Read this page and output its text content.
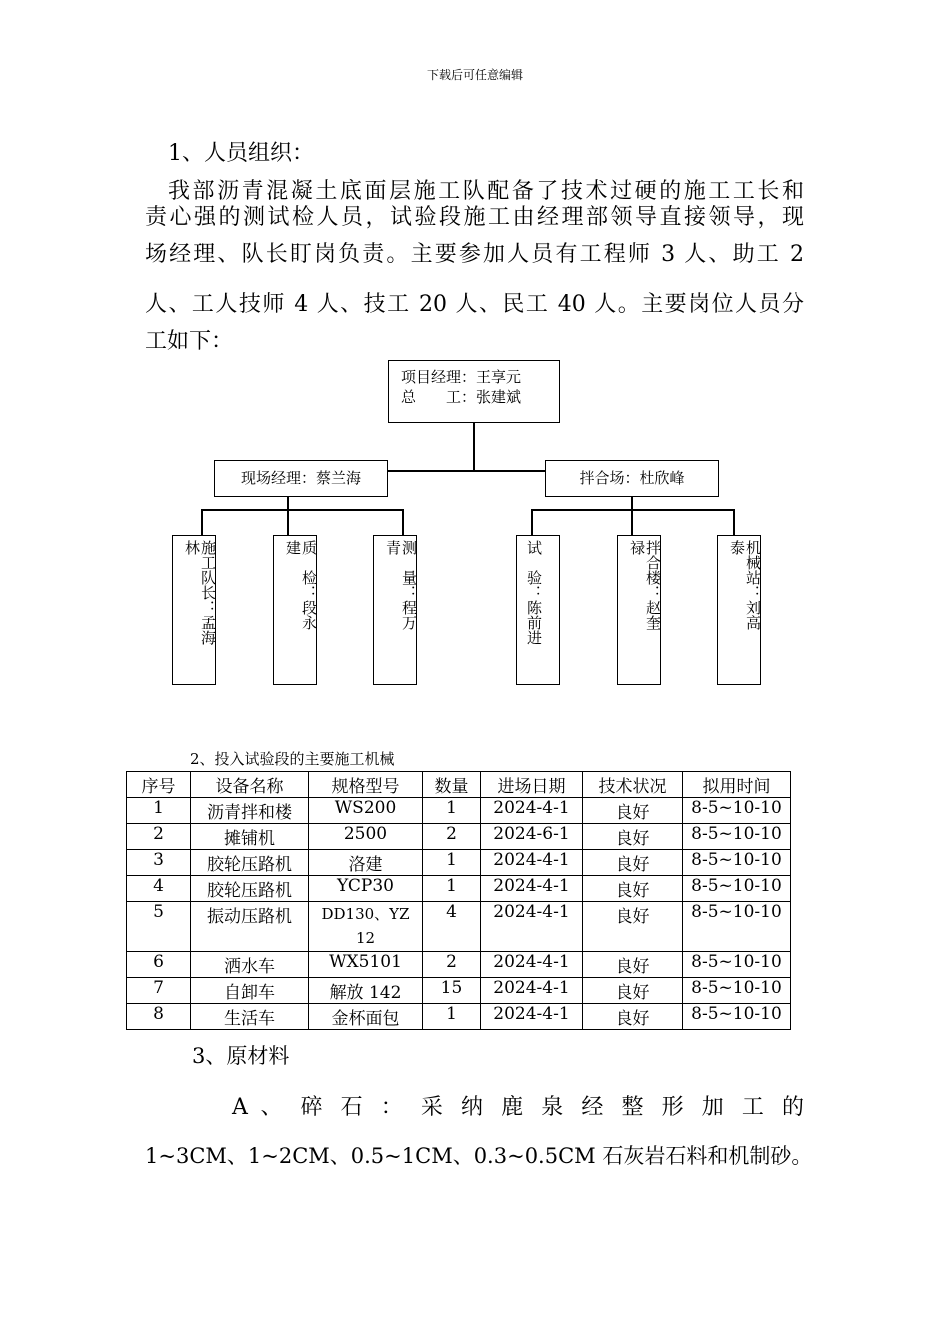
下载后可任意编辑
1、人员组织：
我部沥青混凝土底面层施工队配备了技术过硬的施工工长和
责心强的测试检人员，试验段施工由经理部领导直接领导，现
场经理、队长盯岗负责。主要参加人员有工程师 3 人、助工 2
人、工人技师 4 人、技工 20 人、民工 40 人。主要岗位人员分
工如下：
项目经理：王享元
总　　工：张建斌
现场经理：蔡兰海	拌合场：杜欣峰
林
施工队长：孟海	建
质　检：段永	青
测　量：程万	试　验：陈前进	禄
拌合楼：赵奎	泰
机械站：刘高
2、投入试验段的主要施工机械
序号	设备名称	规格型号	数量	进场日期	技术状况	拟用时间
1	沥青拌和楼	WS200	1	2024-4-1	良好	8-5~10-10
2	摊铺机	2500	2	2024-6-1	良好	8-5~10-10
3	胶轮压路机	洛建	1	2024-4-1	良好	8-5~10-10
4	胶轮压路机	YCP30	1	2024-4-1	良好	8-5~10-10
5	振动压路机	DD130、YZ12	4	2024-4-1	良好	8-5~10-10
6	洒水车	WX5101	2	2024-4-1	良好	8-5~10-10
7	自卸车	解放 142	15	2024-4-1	良好	8-5~10-10
8	生活车	金杯面包	1	2024-4-1	良好	8-5~10-10
3、原材料
A 、 碎 石 ： 采 纳 鹿 泉 经 整 形 加 工 的
1~3CM、1~2CM、0.5~1CM、0.3~0.5CM 石灰岩石料和机制砂。
